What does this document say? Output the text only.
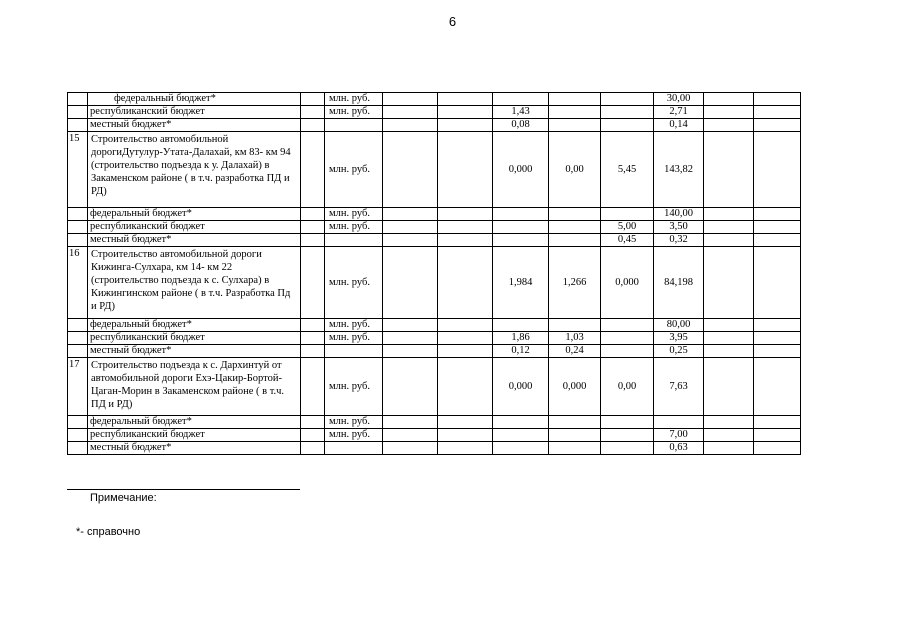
6
	федеральный бюджет*		млн. руб.						30,00		
	республиканский бюджет		млн. руб.			1,43			2,71		
	местный бюджет*					0,08			0,14		
15	Строительство автомобильной дорогиДутулур-Утата-Далахай, км 83- км 94 (строительство подъезда к у. Далахай) в Закаменском районе ( в т.ч. разработка ПД и РД)		млн. руб.			0,000	0,00	5,45	143,82		
	федеральный бюджет*		млн. руб.						140,00		
	республиканский бюджет		млн. руб.					5,00	3,50		
	местный бюджет*							0,45	0,32		
16	Строительство автомобильной дороги Кижинга-Сулхара, км 14- км 22 (строительство подъезда к с. Сулхара) в Кижингинском районе ( в т.ч. Разработка Пд и РД)		млн. руб.			1,984	1,266	0,000	84,198		
	федеральный бюджет*		млн. руб.						80,00		
	республиканский бюджет		млн. руб.			1,86	1,03		3,95		
	местный бюджет*					0,12	0,24		0,25		
17	Строительство подъезда к с. Дархинтуй от автомобильной дороги Ехэ-Цакир-Бортой-Цаган-Морин в Закаменском районе ( в т.ч. ПД и РД)		млн. руб.			0,000	0,000	0,00	7,63		
	федеральный бюджет*		млн. руб.								
	республиканский бюджет		млн. руб.						7,00		
	местный бюджет*								0,63		
Примечание:
*- справочно
